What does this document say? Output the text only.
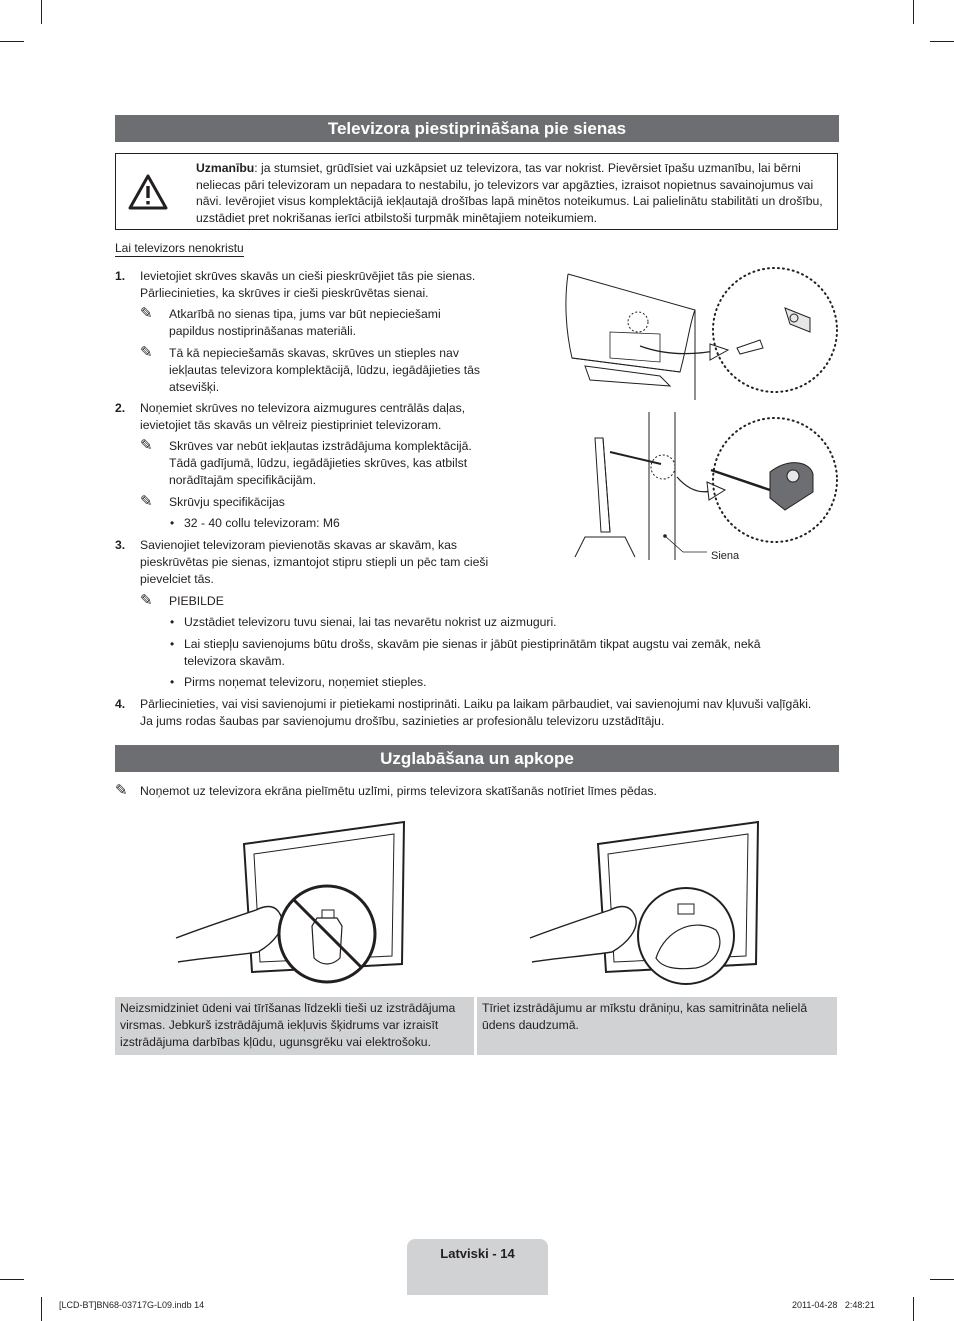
Televizora piestiprināšana pie sienas
Uzmanību: ja stumsiet, grūdīsiet vai uzkāpsiet uz televizora, tas var nokrist. Pievērsiet īpašu uzmanību, lai bērni neliecas pāri televizoram un nepadara to nestabilu, jo televizors var apgāzties, izraisot nopietnus savainojumus vai nāvi. Ievērojiet visus komplektācijā iekļautajā drošības lapā minētos noteikumus. Lai palielinātu stabilitāti un drošību, uzstādiet pret nokrišanas ierīci atbilstoši turpmāk minētajiem noteikumiem.
Lai televizors nenokristu
1. Ievietojiet skrūves skavās un cieši pieskrūvējiet tās pie sienas.
Pārliecinieties, ka skrūves ir cieši pieskrūvētas sienai.
✎ Atkarībā no sienas tipa, jums var būt nepieciešami
papildus nostiprināšanas materiāli.
✎ Tā kā nepieciešamās skavas, skrūves un stieples nav
iekļautas televizora komplektācijā, lūdzu, iegādājieties tās
atsevišķi.
2. Noņemiet skrūves no televizora aizmugures centrālās daļas,
ievietojiet tās skavās un vēlreiz piestipriniet televizoram.
✎ Skrūves var nebūt iekļautas izstrādājuma komplektācijā.
Tādā gadījumā, lūdzu, iegādājieties skrūves, kas atbilst
norādītajām specifikācijām.
✎ Skrūvju specifikācijas
• 32 - 40 collu televizoram: M6
3. Savienojiet televizoram pievienotās skavas ar skavām, kas
pieskrūvētas pie sienas, izmantojot stipru stiepli un pēc tam cieši
pievelciet tās.
✎ PIEBILDE
• Uzstādiet televizoru tuvu sienai, lai tas nevarētu nokrist uz aizmuguri.
• Lai stiepļu savienojums būtu drošs, skavām pie sienas ir jābūt piestiprinātām tikpat augstu vai zemāk, nekā
televizora skavām.
• Pirms noņemat televizoru, noņemiet stieples.
4. Pārliecinieties, vai visi savienojumi ir pietiekami nostiprināti. Laiku pa laikam pārbaudiet, vai savienojumi nav kļuvuši vaļīgāki.
Ja jums rodas šaubas par savienojumu drošību, sazinieties ar profesionālu televizoru uzstādītāju.
Siena
Uzglabāšana un apkope
✎ Noņemot uz televizora ekrāna pielīmētu uzlīmi, pirms televizora skatīšanās notīriet līmes pēdas.
Neizsmidziniet ūdeni vai tīrīšanas līdzekli tieši uz izstrādājuma
virsmas. Jebkurš izstrādājumā iekļuvis šķidrums var izraisīt
izstrādājuma darbības kļūdu, ugunsgrēku vai elektrošoku.
Tīriet izstrādājumu ar mīkstu drāniņu, kas samitrināta nelielā
ūdens daudzumā.
Latviski - 14
[LCD-BT]BN68-03717G-L09.indb 14	2011-04-28   2:48:21
